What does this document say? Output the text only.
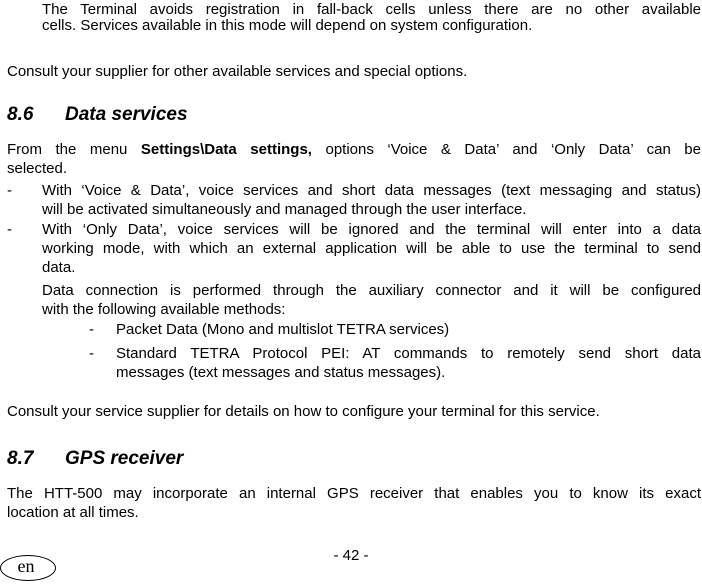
The Terminal avoids registration in fall-back cells unless there are no other available
cells. Services available in this mode will depend on system configuration.
Consult your supplier for other available services and special options.
8.6 Data services
From the menu Settings\Data settings, options ‘Voice & Data’ and ‘Only Data’ can be
selected.
- With ‘Voice & Data’, voice services and short data messages (text messaging and status)
will be activated simultaneously and managed through the user interface.
- With ‘Only Data’, voice services will be ignored and the terminal will enter into a data
working mode, with which an external application will be able to use the terminal to send
data.
Data connection is performed through the auxiliary connector and it will be configured
with the following available methods:
- Packet Data (Mono and multislot TETRA services)
- Standard TETRA Protocol PEI: AT commands to remotely send short data
messages (text messages and status messages).
Consult your service supplier for details on how to configure your terminal for this service.
8.7 GPS receiver
The HTT-500 may incorporate an internal GPS receiver that enables you to know its exact
location at all times.
- 42 -
en
